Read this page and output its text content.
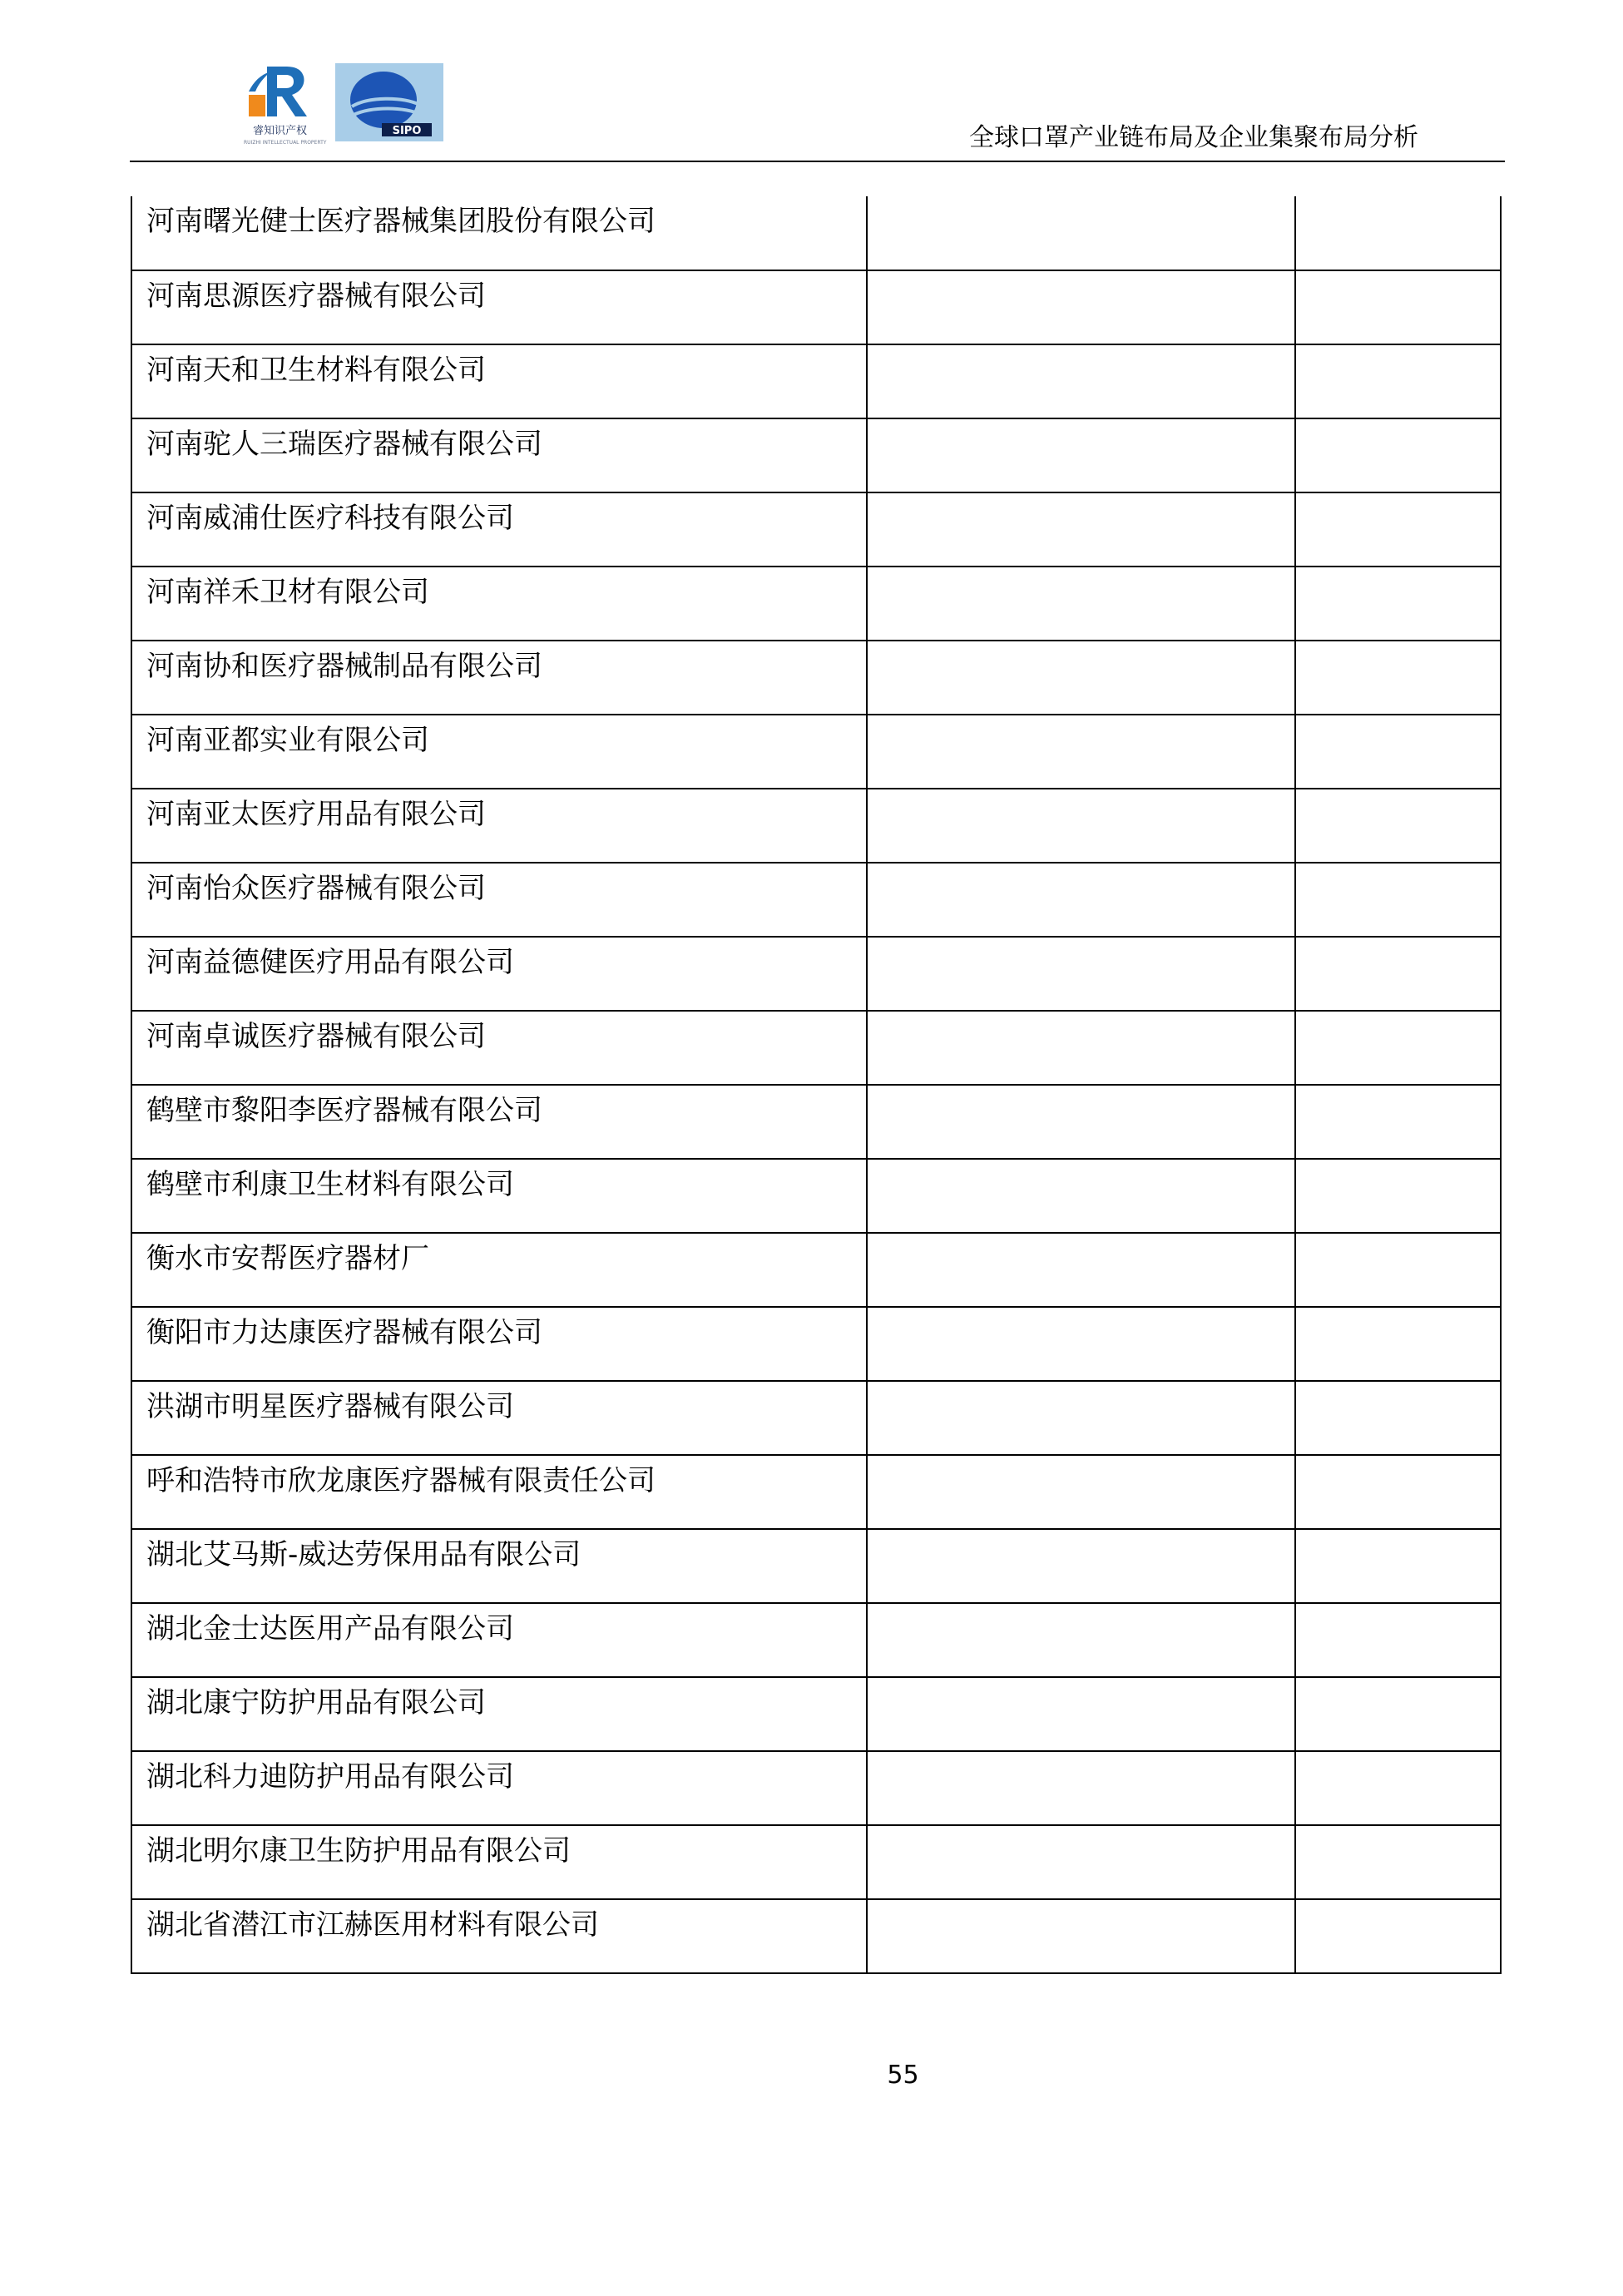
睿知识产权
RUIZHI INTELLECTUAL PROPERTY
SIPO	全球口罩产业链布局及企业集聚布局分析
河南曙光健士医疗器械集团股份有限公司		
河南思源医疗器械有限公司		
河南天和卫生材料有限公司		
河南驼人三瑞医疗器械有限公司		
河南威浦仕医疗科技有限公司		
河南祥禾卫材有限公司		
河南协和医疗器械制品有限公司		
河南亚都实业有限公司		
河南亚太医疗用品有限公司		
河南怡众医疗器械有限公司		
河南益德健医疗用品有限公司		
河南卓诚医疗器械有限公司		
鹤壁市黎阳李医疗器械有限公司		
鹤壁市利康卫生材料有限公司		
衡水市安帮医疗器材厂		
衡阳市力达康医疗器械有限公司		
洪湖市明星医疗器械有限公司		
呼和浩特市欣龙康医疗器械有限责任公司		
湖北艾马斯-威达劳保用品有限公司		
湖北金士达医用产品有限公司		
湖北康宁防护用品有限公司		
湖北科力迪防护用品有限公司		
湖北明尔康卫生防护用品有限公司		
湖北省潜江市江赫医用材料有限公司		
55
